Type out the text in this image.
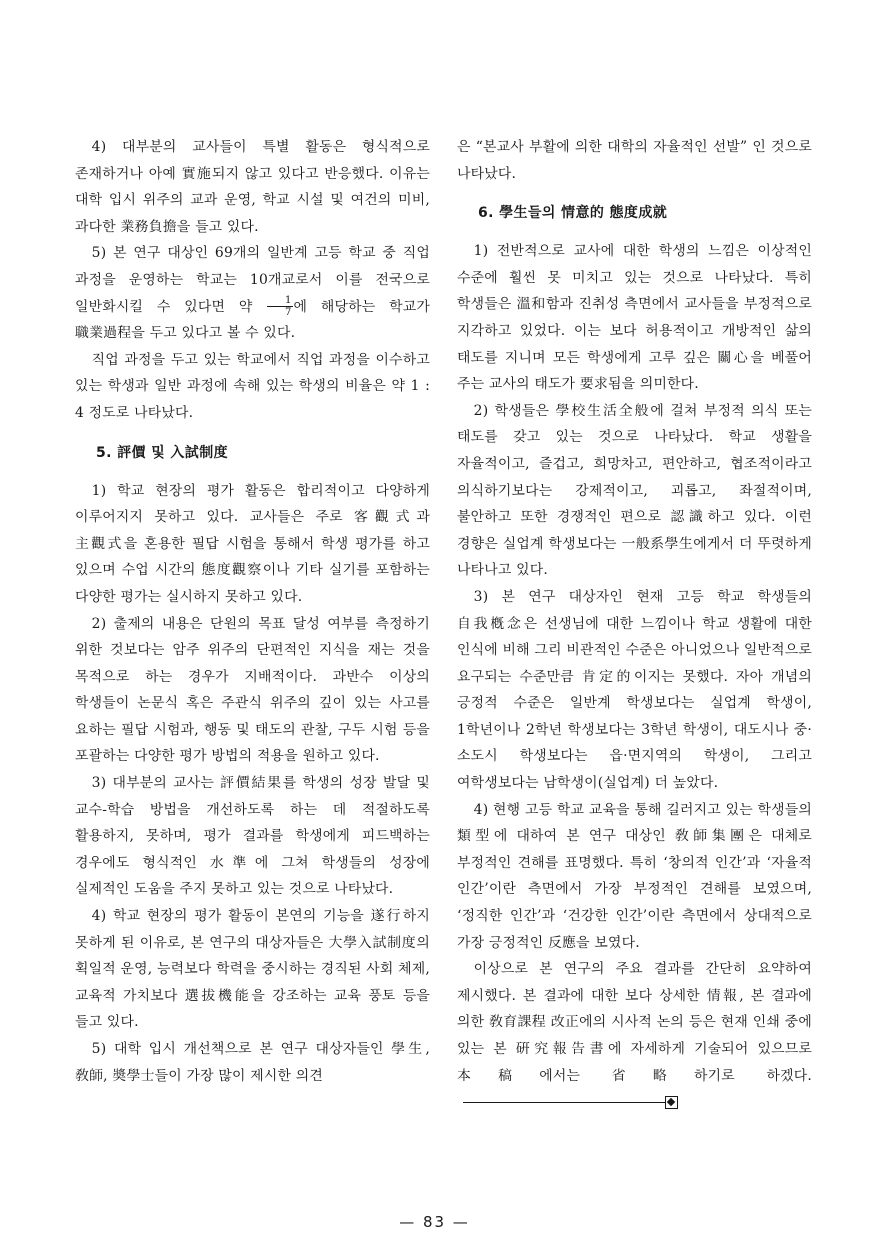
4) 대부분의 교사들이 특별 활동은 형식적으로 존재하거나 아예 實施되지 않고 있다고 반응했다. 이유는 대학 입시 위주의 교과 운영, 학교 시설 및 여건의 미비, 과다한 業務負擔을 들고 있다.

5) 본 연구 대상인 69개의 일반계 고등 학교 중 직업 과정을 운영하는 학교는 10개교로서 이를 전국으로 일반화시킬 수 있다면 약 $\frac{1}{7}$ 에 해당하는 학교가 職業過程을 두고 있다고 볼 수 있다.

직업 과정을 두고 있는 학교에서 직업 과정을 이수하고 있는 학생과 일반 과정에 속해 있는 학생의 비율은 약 1 : 4 정도로 나타났다.

5. 評價 및 入試制度

1) 학교 현장의 평가 활동은 합리적이고 다양하게 이루어지지 못하고 있다. 교사들은 주로 客觀式과 主觀式을 혼용한 필답 시험을 통해서 학생 평가를 하고 있으며 수업 시간의 態度觀察이나 기타 실기를 포함하는 다양한 평가는 실시하지 못하고 있다.

2) 출제의 내용은 단원의 목표 달성 여부를 측정하기 위한 것보다는 암주 위주의 단편적인 지식을 재는 것을 목적으로 하는 경우가 지배적이다. 과반수 이상의 학생들이 논문식 혹은 주관식 위주의 깊이 있는 사고를 요하는 필답 시험과, 행동 및 태도의 관찰, 구두 시험 등을 포괄하는 다양한 평가 방법의 적용을 원하고 있다.

3) 대부분의 교사는 評價結果를 학생의 성장 발달 및 교수-학습 방법을 개선하도록 하는 데 적절하도록 활용하지, 못하며, 평가 결과를 학생에게 피드백하는 경우에도 형식적인 水準에 그쳐 학생들의 성장에 실제적인 도움을 주지 못하고 있는 것으로 나타났다.

4) 학교 현장의 평가 활동이 본연의 기능을 遂行하지 못하게 된 이유로, 본 연구의 대상자들은 大學入試制度의 획일적 운영, 능력보다 학력을 중시하는 경직된 사회 체제, 교육적 가치보다 選拔機能을 강조하는 교육 풍토 등을 들고 있다.

5) 대학 입시 개선책으로 본 연구 대상자들인 學生, 敎師, 奬學士들이 가장 많이 제시한 의견

은 “본교사 부활에 의한 대학의 자율적인 선발” 인 것으로 나타났다.

6. 學生들의 情意的 態度成就

1) 전반적으로 교사에 대한 학생의 느낌은 이상적인 수준에 훨씬 못 미치고 있는 것으로 나타났다. 특히 학생들은 溫和함과 진취성 측면에서 교사들을 부정적으로 지각하고 있었다. 이는 보다 허용적이고 개방적인 삶의 태도를 지니며 모든 학생에게 고루 깊은 關心을 베풀어 주는 교사의 태도가 要求됨을 의미한다.

2) 학생들은 學校生活全般에 걸쳐 부정적 의식 또는 태도를 갖고 있는 것으로 나타났다. 학교 생활을 자율적이고, 즐겁고, 희망차고, 편안하고, 협조적이라고 의식하기보다는 강제적이고, 괴롭고, 좌절적이며, 불안하고 또한 경쟁적인 편으로 認識하고 있다. 이런 경향은 실업계 학생보다는 一般系學生에게서 더 뚜렷하게 나타나고 있다.

3) 본 연구 대상자인 현재 고등 학교 학생들의 自我槪念은 선생님에 대한 느낌이나 학교 생활에 대한 인식에 비해 그리 비관적인 수준은 아니었으나 일반적으로 요구되는 수준만큼 肯定的이지는 못했다. 자아 개념의 긍정적 수준은 일반계 학생보다는 실업계 학생이, 1학년이나 2학년 학생보다는 3학년 학생이, 대도시나 중·소도시 학생보다는 읍·면지역의 학생이, 그리고 여학생보다는 남학생이(실업계) 더 높았다.

4) 현행 고등 학교 교육을 통해 길러지고 있는 학생들의 類型에 대하여 본 연구 대상인 敎師集團은 대체로 부정적인 견해를 표명했다. 특히 ‘창의적 인간’과 ‘자율적 인간’이란 측면에서 가장 부정적인 견해를 보였으며, ‘정직한 인간’과 ‘건강한 인간’이란 측면에서 상대적으로 가장 긍정적인 反應을 보였다.

이상으로 본 연구의 주요 결과를 간단히 요약하여 제시했다. 본 결과에 대한 보다 상세한 情報, 본 결과에 의한 敎育課程 改正에의 시사적 논의 등은 현재 인쇄 중에 있는 본 硏究報告書에 자세하게 기술되어 있으므로 本稿에서는 省略하기로 하겠다.

— 83 —
